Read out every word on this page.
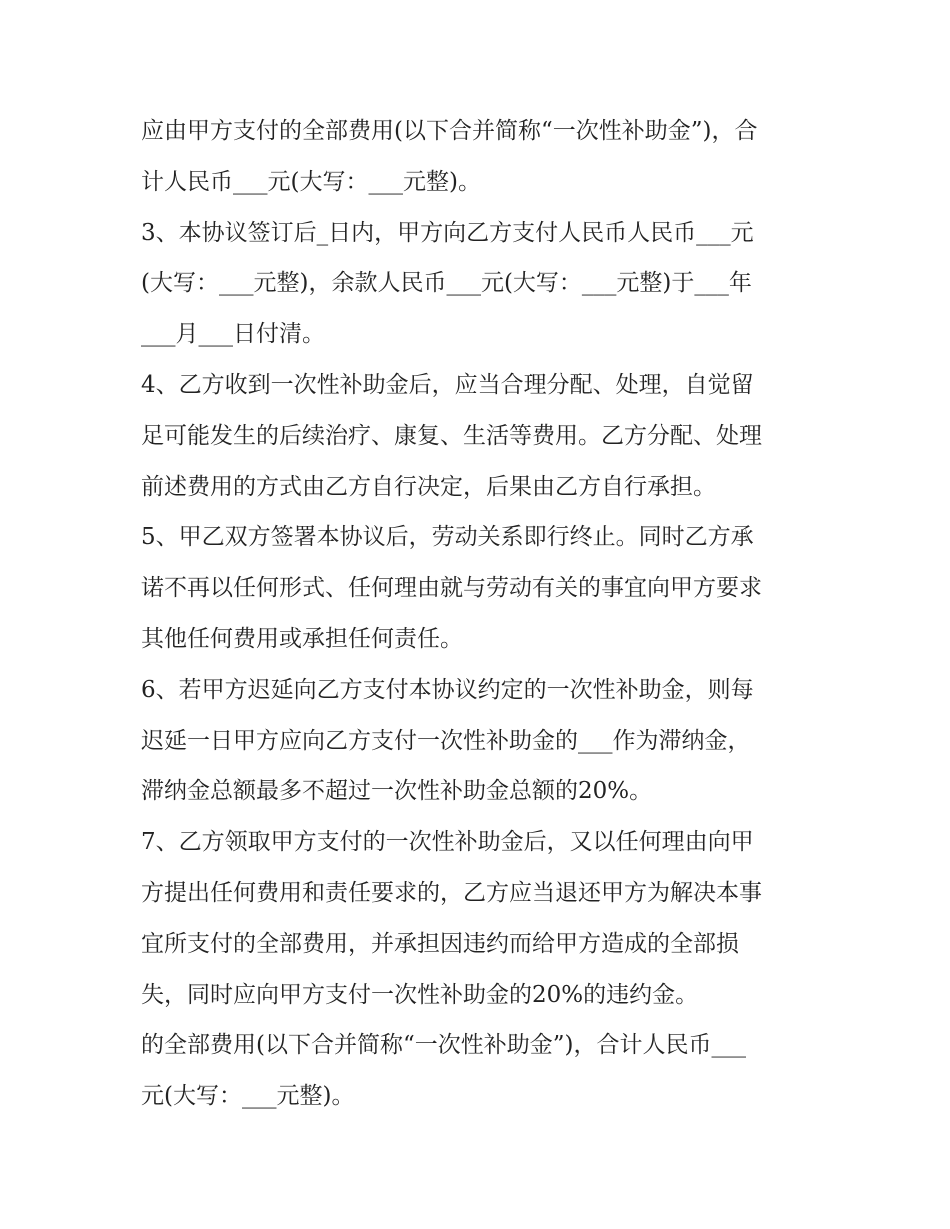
应由甲方支付的全部费用(以下合并简称“一次性补助金”)，合
计人民币___元(大写：___元整)。
3、本协议签订后_日内，甲方向乙方支付人民币人民币___元
(大写：___元整)，余款人民币___元(大写：___元整)于___年
___月___日付清。
4、乙方收到一次性补助金后，应当合理分配、处理，自觉留
足可能发生的后续治疗、康复、生活等费用。乙方分配、处理
前述费用的方式由乙方自行决定，后果由乙方自行承担。
5、甲乙双方签署本协议后，劳动关系即行终止。同时乙方承
诺不再以任何形式、任何理由就与劳动有关的事宜向甲方要求
其他任何费用或承担任何责任。
6、若甲方迟延向乙方支付本协议约定的一次性补助金，则每
迟延一日甲方应向乙方支付一次性补助金的___作为滞纳金，
滞纳金总额最多不超过一次性补助金总额的20%。
7、乙方领取甲方支付的一次性补助金后，又以任何理由向甲
方提出任何费用和责任要求的，乙方应当退还甲方为解决本事
宜所支付的全部费用，并承担因违约而给甲方造成的全部损
失，同时应向甲方支付一次性补助金的20%的违约金。
的全部费用(以下合并简称“一次性补助金”)，合计人民币___
元(大写：___元整)。
